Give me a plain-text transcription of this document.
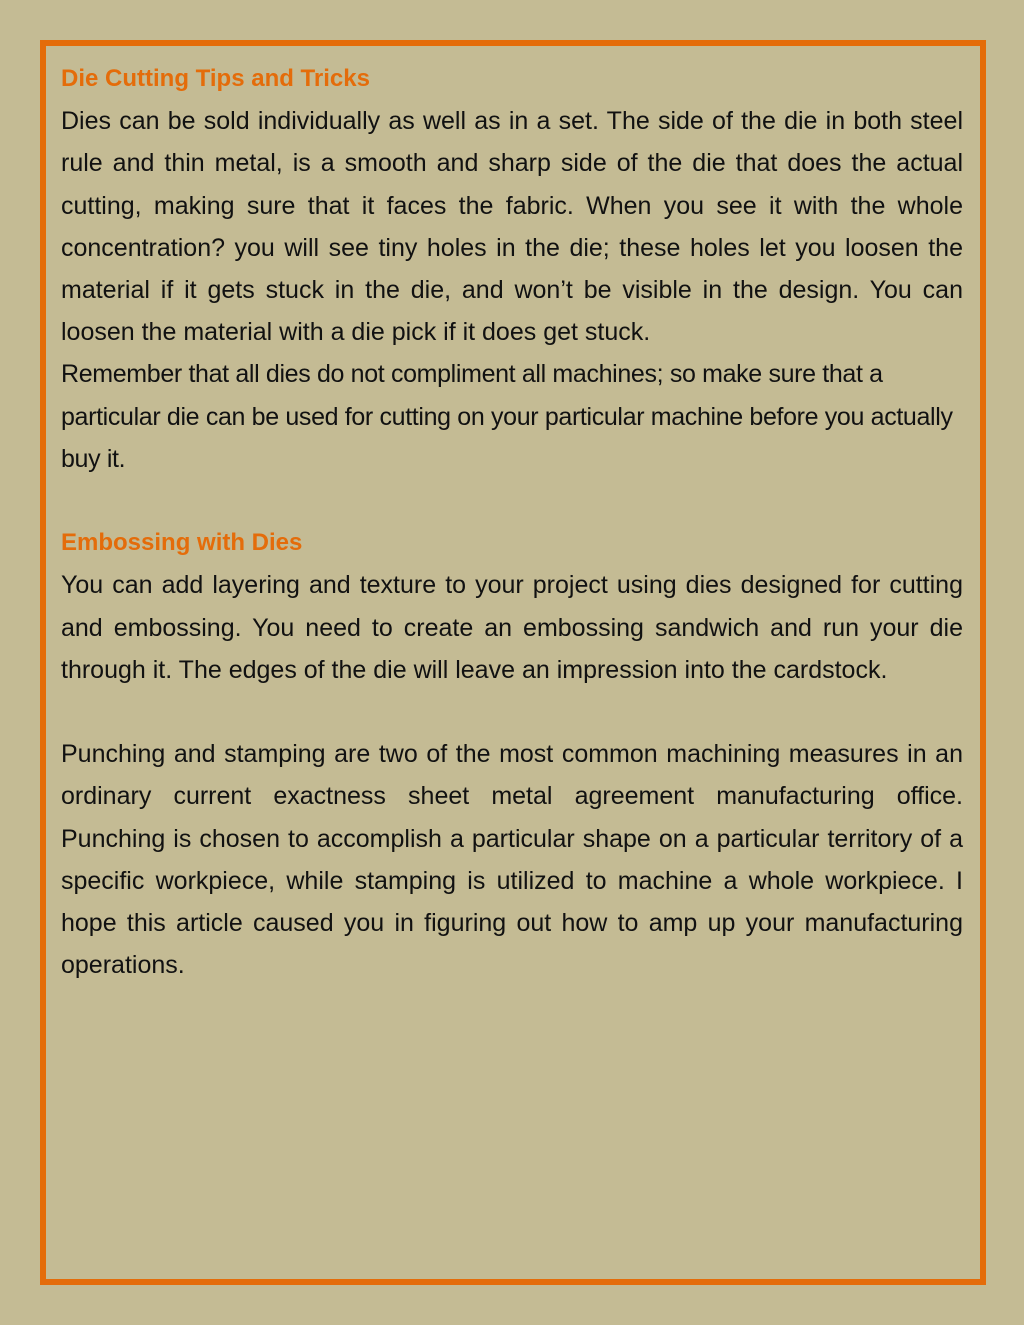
Die Cutting Tips and Tricks

Dies can be sold individually as well as in a set. The side of the die in both steel rule and thin metal, is a smooth and sharp side of the die that does the actual cutting, making sure that it faces the fabric. When you see it with the whole concentration? you will see tiny holes in the die; these holes let you loosen the material if it gets stuck in the die, and won’t be visible in the design. You can loosen the material with a die pick if it does get stuck.

Remember that all dies do not compliment all machines; so make sure that a particular die can be used for cutting on your particular machine before you actually buy it.

Embossing with Dies

You can add layering and texture to your project using dies designed for cutting and embossing. You need to create an embossing sandwich and run your die through it. The edges of the die will leave an impression into the cardstock.

Punching and stamping are two of the most common machining measures in an ordinary current exactness sheet metal agreement manufacturing office. Punching is chosen to accomplish a particular shape on a particular territory of a specific workpiece, while stamping is utilized to machine a whole workpiece. I hope this article caused you in figuring out how to amp up your manufacturing operations.
